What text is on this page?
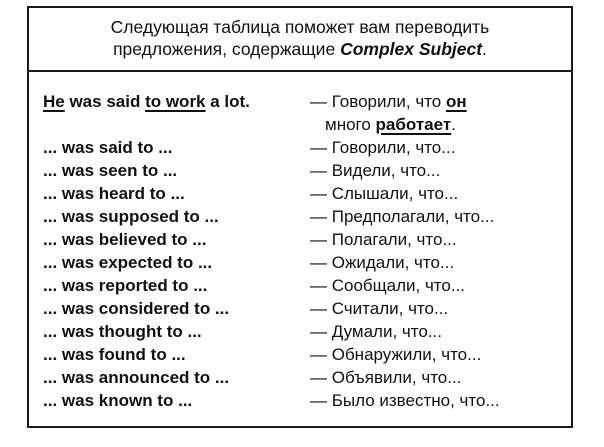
Следующая таблица поможет вам переводить
предложения, содержащие Complex Subject.
He was said to work a lot.	— Говорили, что он
много работает.
... was said to ...	— Говорили, что...
... was seen to ...	— Видели, что...
... was heard to ...	— Слышали, что...
... was supposed to ...	— Предполагали, что...
... was believed to ...	— Полагали, что...
... was expected to ...	— Ожидали, что...
... was reported to ...	— Сообщали, что...
... was considered to ...	— Считали, что...
... was thought to ...	— Думали, что...
... was found to ...	— Обнаружили, что...
... was announced to ...	— Объявили, что...
... was known to ...	— Было известно, что...
